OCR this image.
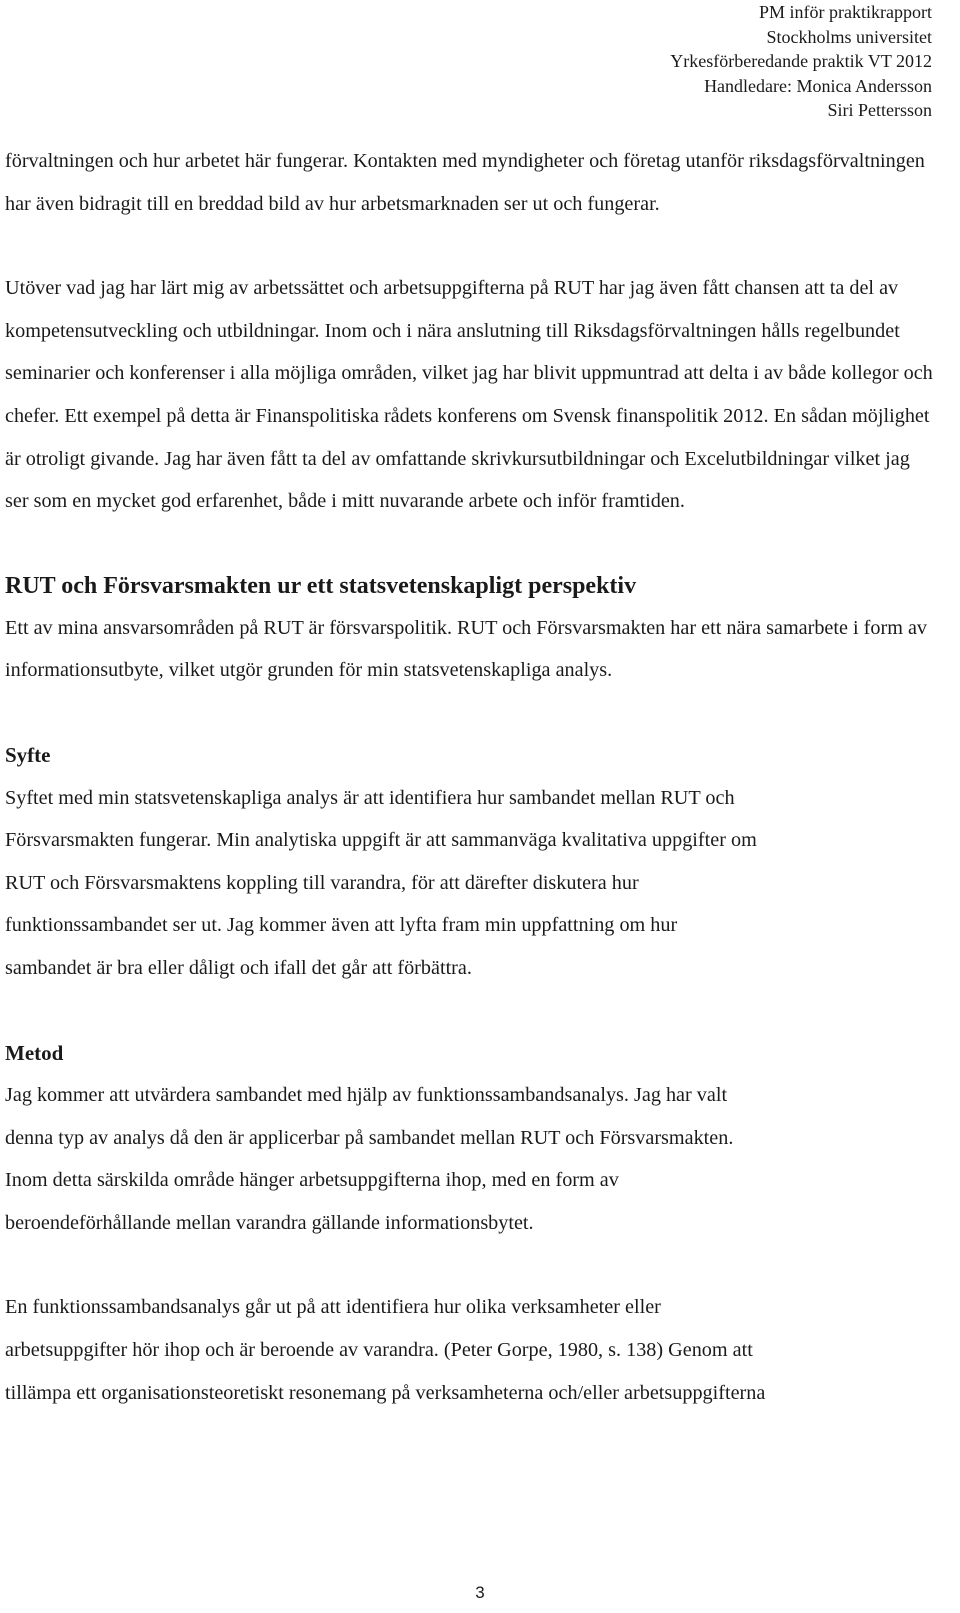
PM inför praktikrapport
Stockholms universitet
Yrkesförberedande praktik VT 2012
Handledare: Monica Andersson
Siri Pettersson

förvaltningen och hur arbetet här fungerar. Kontakten med myndigheter och företag utanför riksdagsförvaltningen har även bidragit till en breddad bild av hur arbetsmarknaden ser ut och fungerar.

Utöver vad jag har lärt mig av arbetssättet och arbetsuppgifterna på RUT har jag även fått chansen att ta del av kompetensutveckling och utbildningar. Inom och i nära anslutning till Riksdagsförvaltningen hålls regelbundet seminarier och konferenser i alla möjliga områden, vilket jag har blivit uppmuntrad att delta i av både kollegor och chefer. Ett exempel på detta är Finanspolitiska rådets konferens om Svensk finanspolitik 2012. En sådan möjlighet är otroligt givande. Jag har även fått ta del av omfattande skrivkursutbildningar och Excelutbildningar vilket jag ser som en mycket god erfarenhet, både i mitt nuvarande arbete och inför framtiden.

RUT och Försvarsmakten ur ett statsvetenskapligt perspektiv

Ett av mina ansvarsområden på RUT är försvarspolitik. RUT och Försvarsmakten har ett nära samarbete i form av informationsutbyte, vilket utgör grunden för min statsvetenskapliga analys.

Syfte

Syftet med min statsvetenskapliga analys är att identifiera hur sambandet mellan RUT och

Försvarsmakten fungerar. Min analytiska uppgift är att sammanväga kvalitativa uppgifter om

RUT och Försvarsmaktens koppling till varandra, för att därefter diskutera hur

funktionssambandet ser ut. Jag kommer även att lyfta fram min uppfattning om hur

sambandet är bra eller dåligt och ifall det går att förbättra.

Metod

Jag kommer att utvärdera sambandet med hjälp av funktionssambandsanalys. Jag har valt

denna typ av analys då den är applicerbar på sambandet mellan RUT och Försvarsmakten.

Inom detta särskilda område hänger arbetsuppgifterna ihop, med en form av

beroendeförhållande mellan varandra gällande informationsbytet.

En funktionssambandsanalys går ut på att identifiera hur olika verksamheter eller

arbetsuppgifter hör ihop och är beroende av varandra. (Peter Gorpe, 1980, s. 138) Genom att

tillämpa ett organisationsteoretiskt resonemang på verksamheterna och/eller arbetsuppgifterna

3
